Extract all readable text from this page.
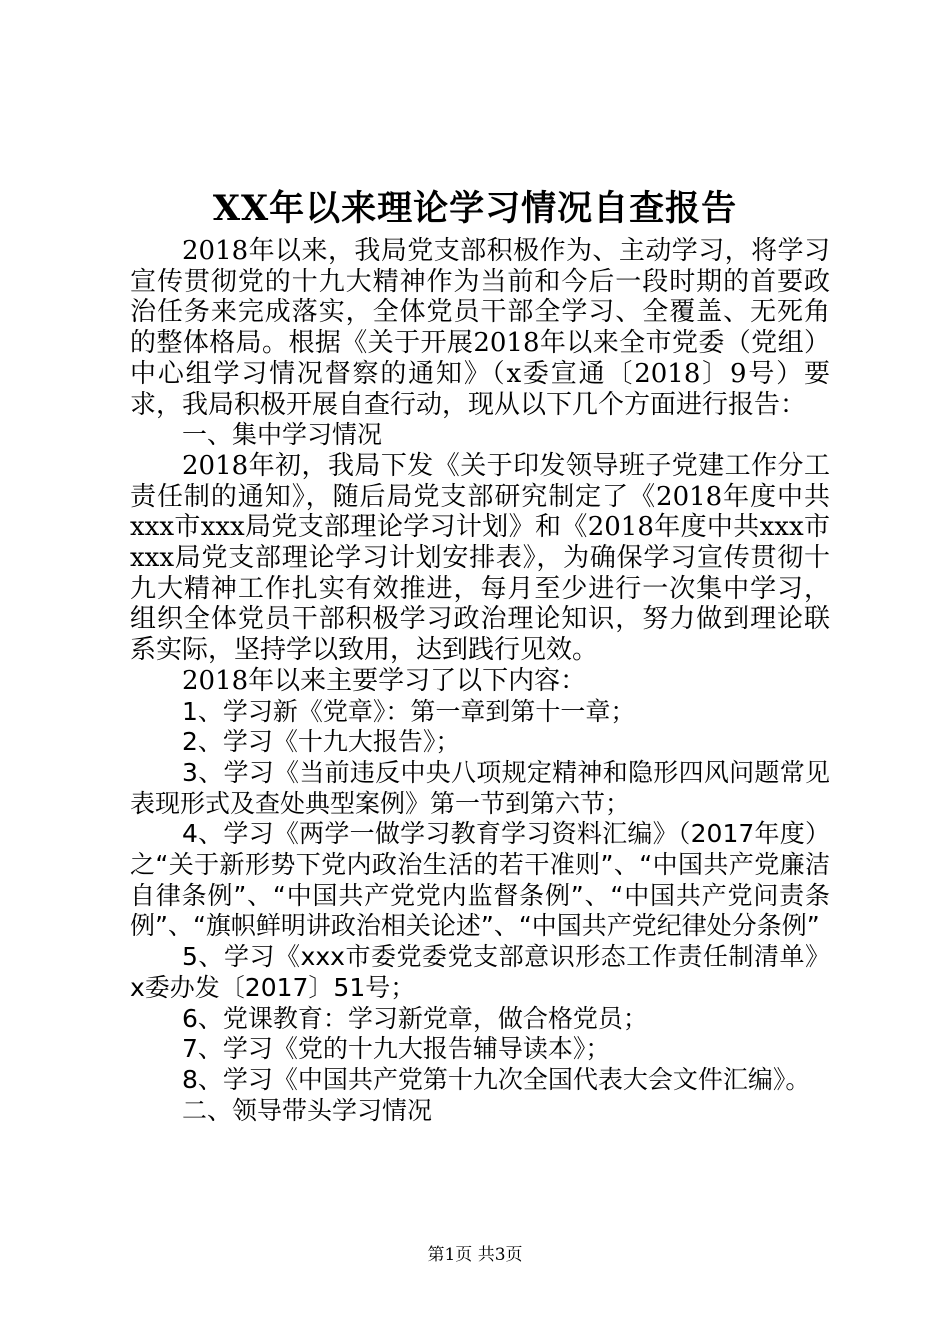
XX年以来理论学习情况自查报告

2018年以来，我局党支部积极作为、主动学习，将学习宣传贯彻党的十九大精神作为当前和今后一段时期的首要政治任务来完成落实，全体党员干部全学习、全覆盖、无死角的整体格局。根据《关于开展2018年以来全市党委（党组）中心组学习情况督察的通知》（x委宣通〔2018〕9号）要求，我局积极开展自查行动，现从以下几个方面进行报告：

一、集中学习情况

2018年初，我局下发《关于印发领导班子党建工作分工责任制的通知》，随后局党支部研究制定了《2018年度中共xxx市xxx局党支部理论学习计划》和《2018年度中共xxx市xxx局党支部理论学习计划安排表》，为确保学习宣传贯彻十九大精神工作扎实有效推进，每月至少进行一次集中学习，组织全体党员干部积极学习政治理论知识，努力做到理论联系实际，坚持学以致用，达到践行见效。

2018年以来主要学习了以下内容：

1、学习新《党章》：第一章到第十一章；

2、学习《十九大报告》；

3、学习《当前违反中央八项规定精神和隐形四风问题常见表现形式及查处典型案例》第一节到第六节；

4、学习《两学一做学习教育学习资料汇编》（2017年度）之“关于新形势下党内政治生活的若干准则”、“中国共产党廉洁自律条例”、“中国共产党党内监督条例”、“中国共产党问责条例”、“旗帜鲜明讲政治相关论述”、“中国共产党纪律处分条例”

5、学习《xxx市委党委党支部意识形态工作责任制清单》x委办发〔2017〕51号；

6、党课教育：学习新党章，做合格党员；

7、学习《党的十九大报告辅导读本》；

8、学习《中国共产党第十九次全国代表大会文件汇编》。

二、领导带头学习情况

第1页 共3页
